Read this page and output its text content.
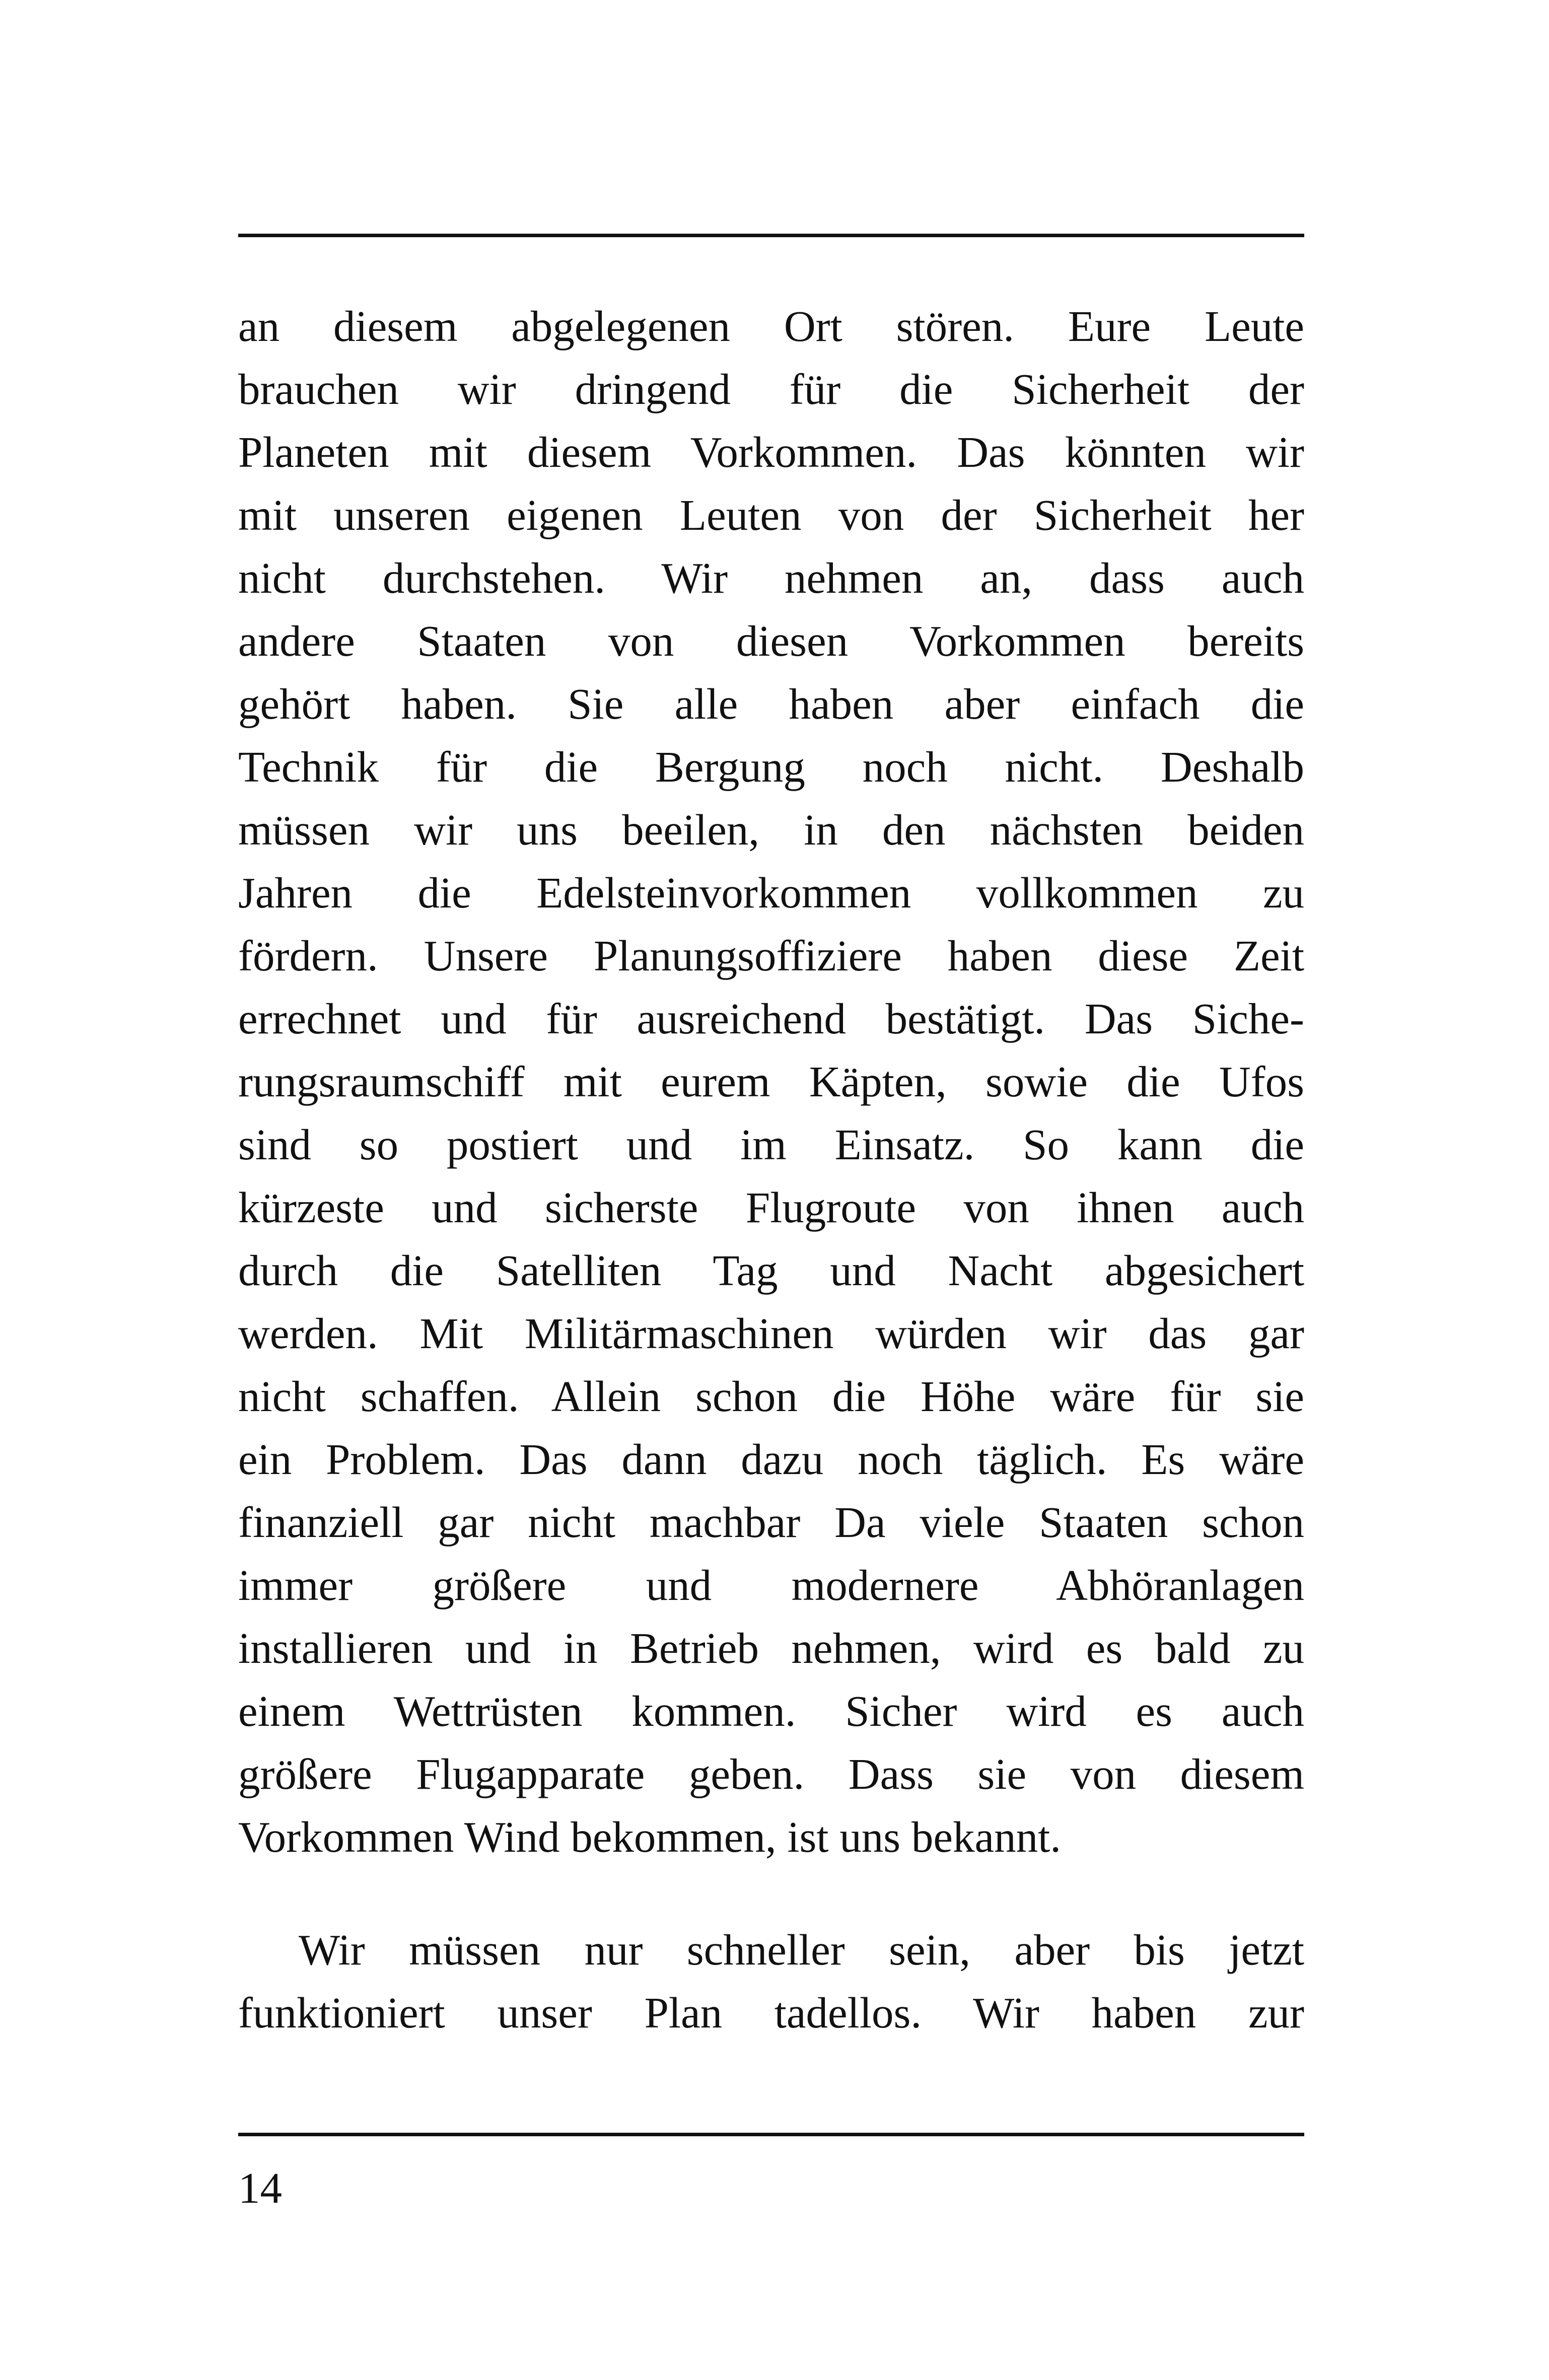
an diesem abgelegenen Ort stören. Eure Leute
brauchen wir dringend für die Sicherheit der
Planeten mit diesem Vorkommen. Das könnten wir
mit unseren eigenen Leuten von der Sicherheit her
nicht durchstehen. Wir nehmen an, dass auch
andere Staaten von diesen Vorkommen bereits
gehört haben. Sie alle haben aber einfach die
Technik für die Bergung noch nicht. Deshalb
müssen wir uns beeilen, in den nächsten beiden
Jahren die Edelsteinvorkommen vollkommen zu
fördern. Unsere Planungsoffiziere haben diese Zeit
errechnet und für ausreichend bestätigt. Das Siche-
rungsraumschiff mit eurem Käpten, sowie die Ufos
sind so postiert und im Einsatz. So kann die
kürzeste und sicherste Flugroute von ihnen auch
durch die Satelliten Tag und Nacht abgesichert
werden. Mit Militärmaschinen würden wir das gar
nicht schaffen. Allein schon die Höhe wäre für sie
ein Problem. Das dann dazu noch täglich. Es wäre
finanziell gar nicht machbar Da viele Staaten schon
immer größere und modernere Abhöranlagen
installieren und in Betrieb nehmen, wird es bald zu
einem Wettrüsten kommen. Sicher wird es auch
größere Flugapparate geben. Dass sie von diesem
Vorkommen Wind bekommen, ist uns bekannt.
Wir müssen nur schneller sein, aber bis jetzt
funktioniert unser Plan tadellos. Wir haben zur
14
